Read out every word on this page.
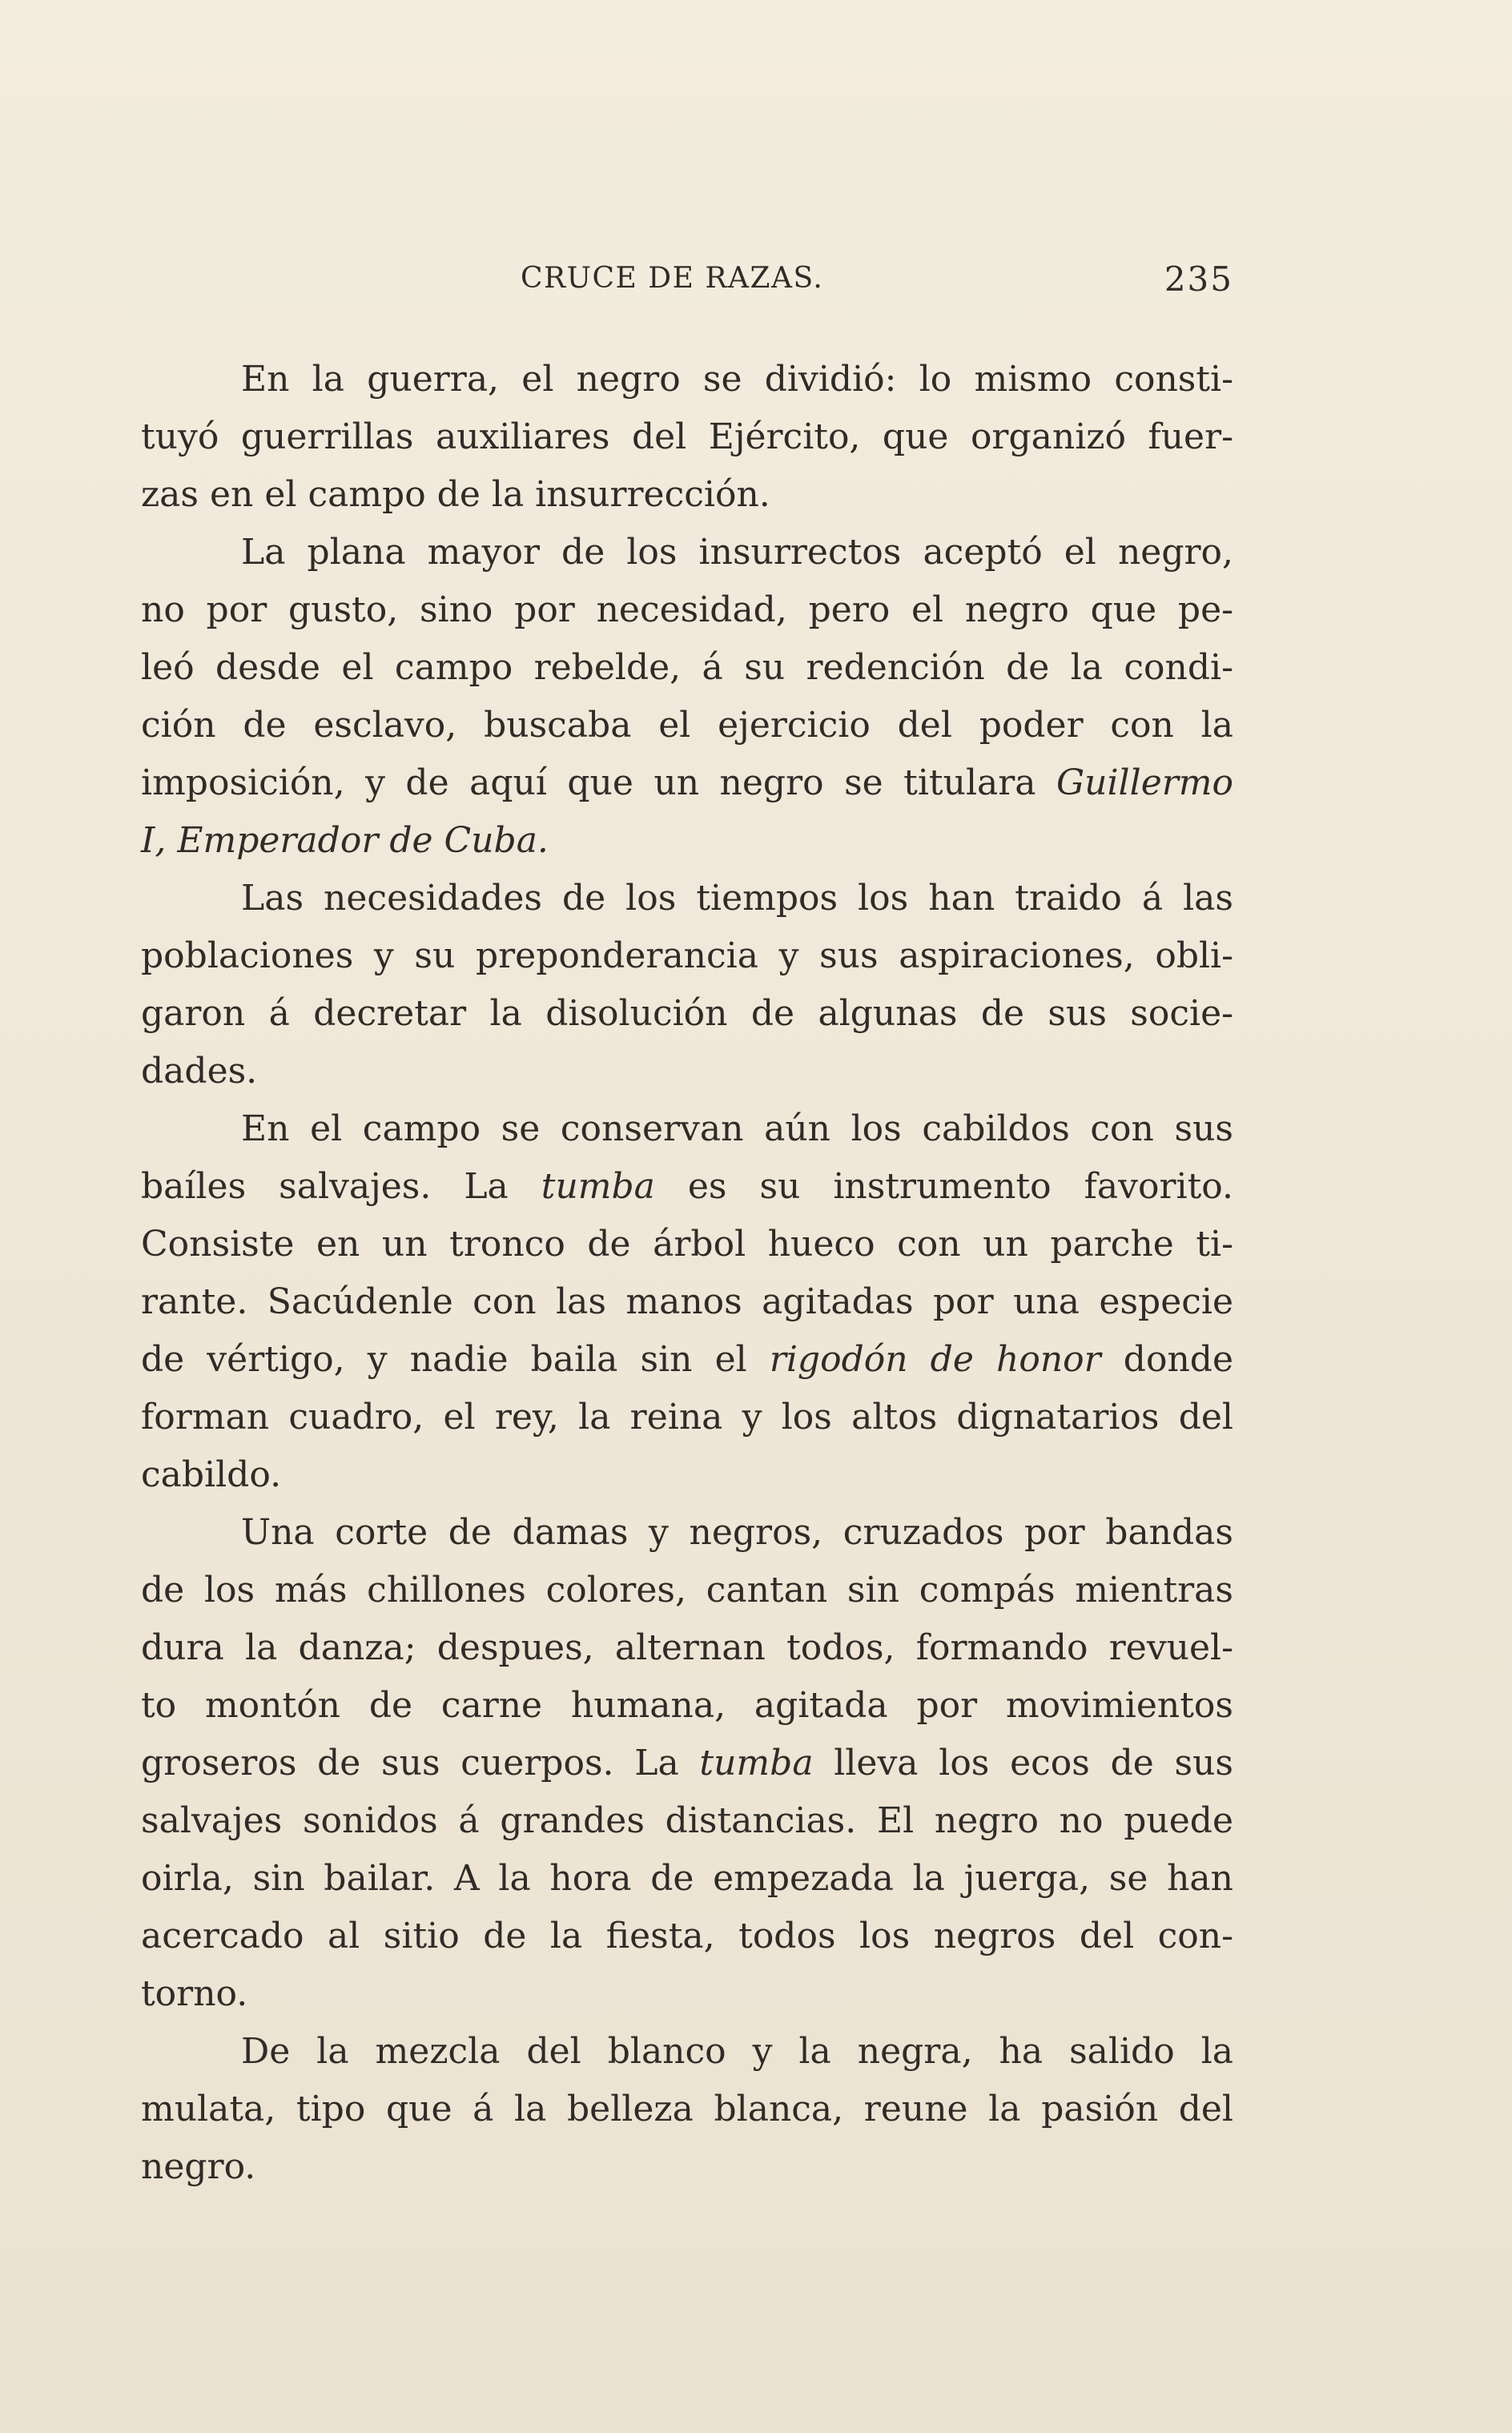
CRUCE DE RAZAS.	235
En la guerra, el negro se dividió: lo mismo consti-
tuyó guerrillas auxiliares del Ejército, que organizó fuer-
zas en el campo de la insurrección.
La plana mayor de los insurrectos aceptó el negro,
no por gusto, sino por necesidad, pero el negro que pe-
leó desde el campo rebelde, á su redención de la condi-
ción de esclavo, buscaba el ejercicio del poder con la
imposición, y de aquí que un negro se titulara Guillermo
I, Emperador de Cuba.
Las necesidades de los tiempos los han traido á las
poblaciones y su preponderancia y sus aspiraciones, obli-
garon á decretar la disolución de algunas de sus socie-
dades.
En el campo se conservan aún los cabildos con sus
baíles salvajes. La tumba es su instrumento favorito.
Consiste en un tronco de árbol hueco con un parche ti-
rante. Sacúdenle con las manos agitadas por una especie
de vértigo, y nadie baila sin el rigodón de honor donde
forman cuadro, el rey, la reina y los altos dignatarios del
cabildo.
Una corte de damas y negros, cruzados por bandas
de los más chillones colores, cantan sin compás mientras
dura la danza; despues, alternan todos, formando revuel-
to montón de carne humana, agitada por movimientos
groseros de sus cuerpos. La tumba lleva los ecos de sus
salvajes sonidos á grandes distancias. El negro no puede
oirla, sin bailar. A la hora de empezada la juerga, se han
acercado al sitio de la fiesta, todos los negros del con-
torno.
De la mezcla del blanco y la negra, ha salido la
mulata, tipo que á la belleza blanca, reune la pasión del
negro.
